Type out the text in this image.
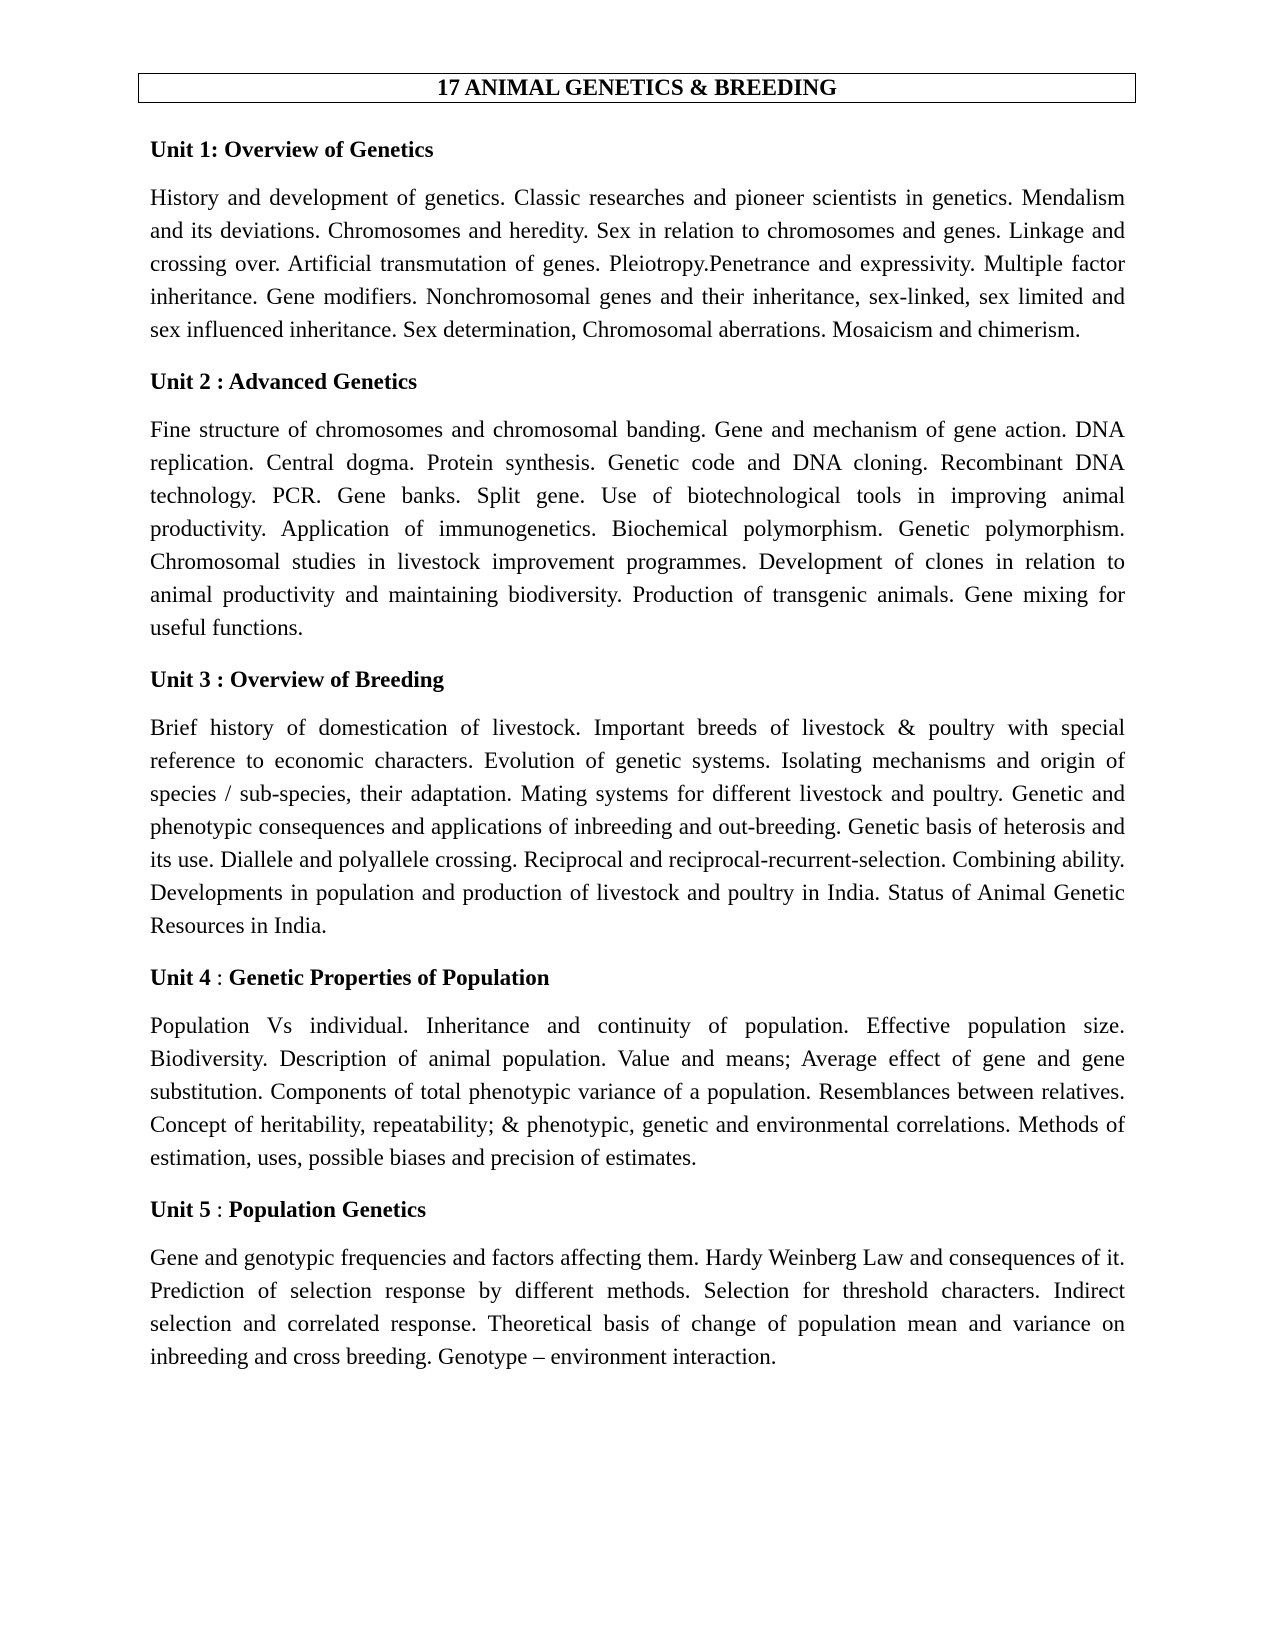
17 ANIMAL GENETICS & BREEDING
Unit 1: Overview of Genetics

History and development of genetics. Classic researches and pioneer scientists in genetics. Mendalism and its deviations. Chromosomes and heredity. Sex in relation to chromosomes and genes. Linkage and crossing over. Artificial transmutation of genes. Pleiotropy.Penetrance and expressivity. Multiple factor inheritance. Gene modifiers. Nonchromosomal genes and their inheritance, sex-linked, sex limited and sex influenced inheritance. Sex determination, Chromosomal aberrations. Mosaicism and chimerism.

Unit 2 : Advanced Genetics

Fine structure of chromosomes and chromosomal banding. Gene and mechanism of gene action. DNA replication. Central dogma. Protein synthesis. Genetic code and DNA cloning. Recombinant DNA technology. PCR. Gene banks. Split gene. Use of biotechnological tools in improving animal productivity. Application of immunogenetics. Biochemical polymorphism. Genetic polymorphism. Chromosomal studies in livestock improvement programmes. Development of clones in relation to animal productivity and maintaining biodiversity. Production of transgenic animals. Gene mixing for useful functions.

Unit 3 : Overview of Breeding

Brief history of domestication of livestock. Important breeds of livestock & poultry with special reference to economic characters. Evolution of genetic systems. Isolating mechanisms and origin of species / sub-species, their adaptation. Mating systems for different livestock and poultry. Genetic and phenotypic consequences and applications of inbreeding and out-breeding. Genetic basis of heterosis and its use. Diallele and polyallele crossing. Reciprocal and reciprocal-recurrent-selection. Combining ability. Developments in population and production of livestock and poultry in India. Status of Animal Genetic Resources in India.

Unit 4 : Genetic Properties of Population

Population Vs individual. Inheritance and continuity of population. Effective population size. Biodiversity. Description of animal population. Value and means; Average effect of gene and gene substitution. Components of total phenotypic variance of a population. Resemblances between relatives. Concept of heritability, repeatability; & phenotypic, genetic and environmental correlations. Methods of estimation, uses, possible biases and precision of estimates.

Unit 5 : Population Genetics

Gene and genotypic frequencies and factors affecting them. Hardy Weinberg Law and consequences of it. Prediction of selection response by different methods. Selection for threshold characters. Indirect selection and correlated response. Theoretical basis of change of population mean and variance on inbreeding and cross breeding. Genotype – environment interaction.
